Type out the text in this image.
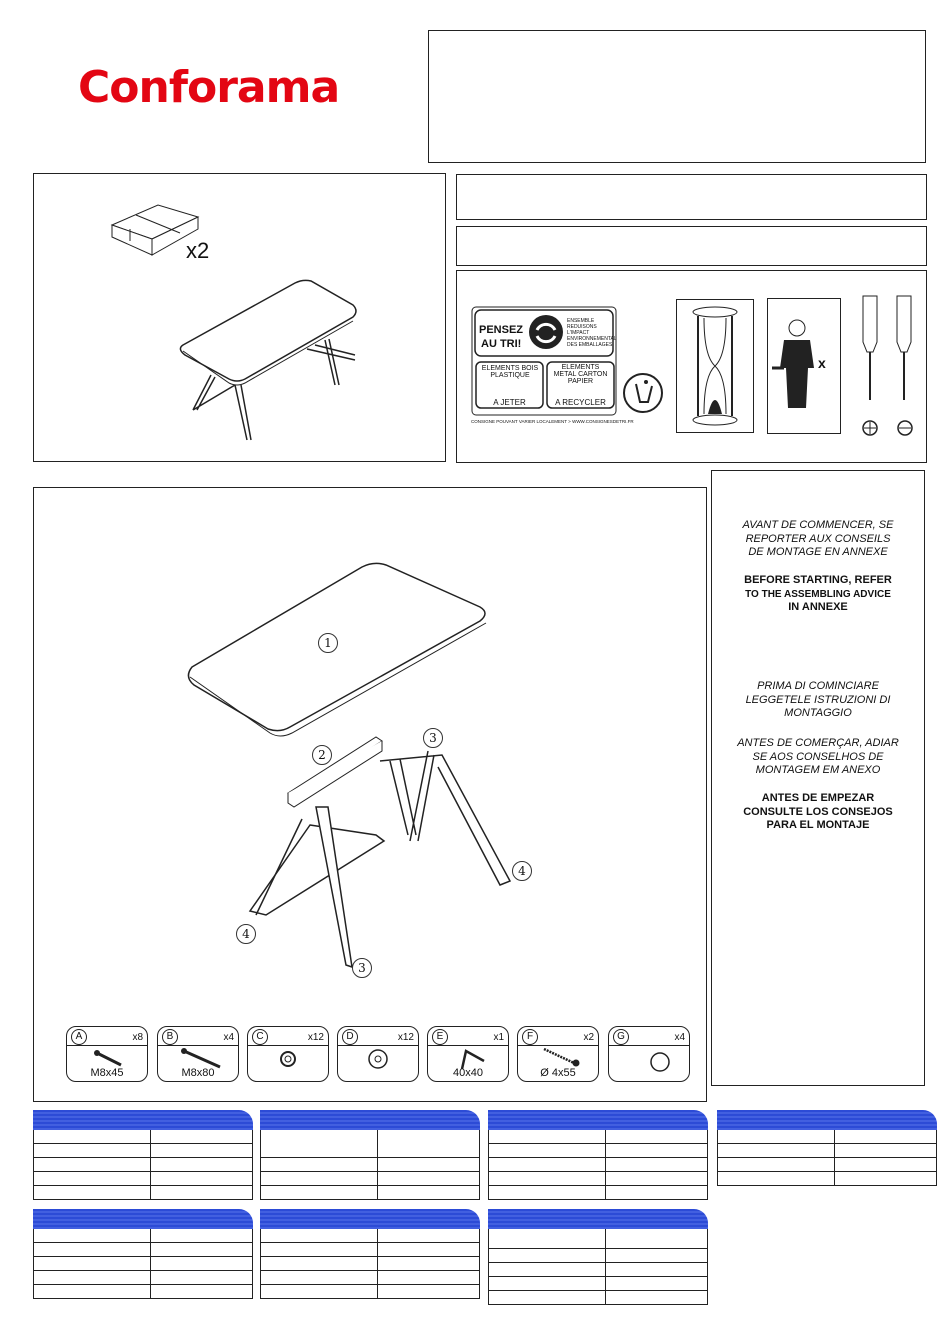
Conforama
x2
PENSEZ
AU TRI!
ENSEMBLE
REDUISONS L'IMPACT
ENVIRONNEMENTAL
DES EMBALLAGES
ELEMENTS BOIS
PLASTIQUE
A JETER
ELEMENTS
METAL CARTON
PAPIER
A RECYCLER
CONSIGNE POUVANT VARIER LOCALEMENT > WWW.CONSIGNESDETRI.FR
x
1
2
3
4
4
3
A	x8
M8x45
B	x4
M8x80
C	x12	D	x12	E	x1
40x40
F	x2
Ø 4x55
G	x4
AVANT DE COMMENCER, SE
REPORTER AUX CONSEILS
DE MONTAGE EN ANNEXE
BEFORE STARTING, REFER
TO THE ASSEMBLING ADVICE
IN ANNEXE
PRIMA DI COMINCIARE
LEGGETELE ISTRUZIONI DI
MONTAGGIO
ANTES DE COMERÇAR, ADIAR
SE AOS CONSELHOS DE
MONTAGEM EM ANEXO
ANTES DE EMPEZAR
CONSULTE LOS CONSEJOS
PARA EL MONTAJE
